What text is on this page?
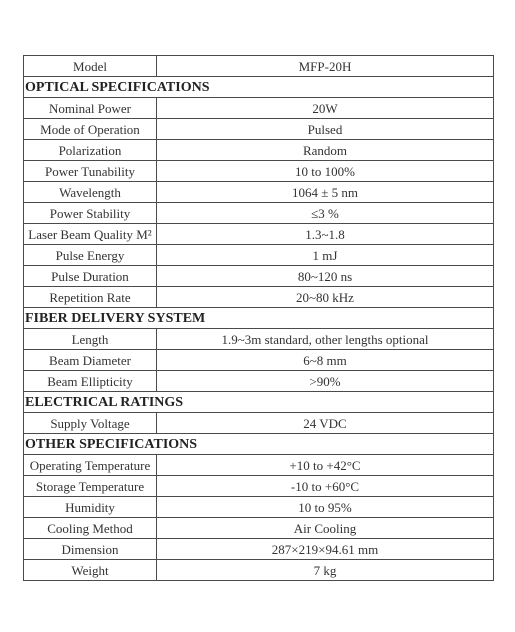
Model	MFP-20H
OPTICAL SPECIFICATIONS	
Nominal Power	20W
Mode of Operation	Pulsed
Polarization	Random
Power Tunability	10 to 100%
Wavelength	1064 ± 5 nm
Power Stability	≤3 %
Laser Beam Quality M²	1.3~1.8
Pulse Energy	1 mJ
Pulse Duration	80~120 ns
Repetition Rate	20~80 kHz
FIBER DELIVERY SYSTEM	
Length	1.9~3m standard, other lengths optional
Beam Diameter	6~8 mm
Beam Ellipticity	>90%
ELECTRICAL RATINGS	
Supply Voltage	24 VDC
OTHER SPECIFICATIONS	
Operating Temperature	+10 to +42°C
Storage Temperature	-10 to +60°C
Humidity	10 to 95%
Cooling Method	Air Cooling
Dimension	287×219×94.61 mm
Weight	7 kg
